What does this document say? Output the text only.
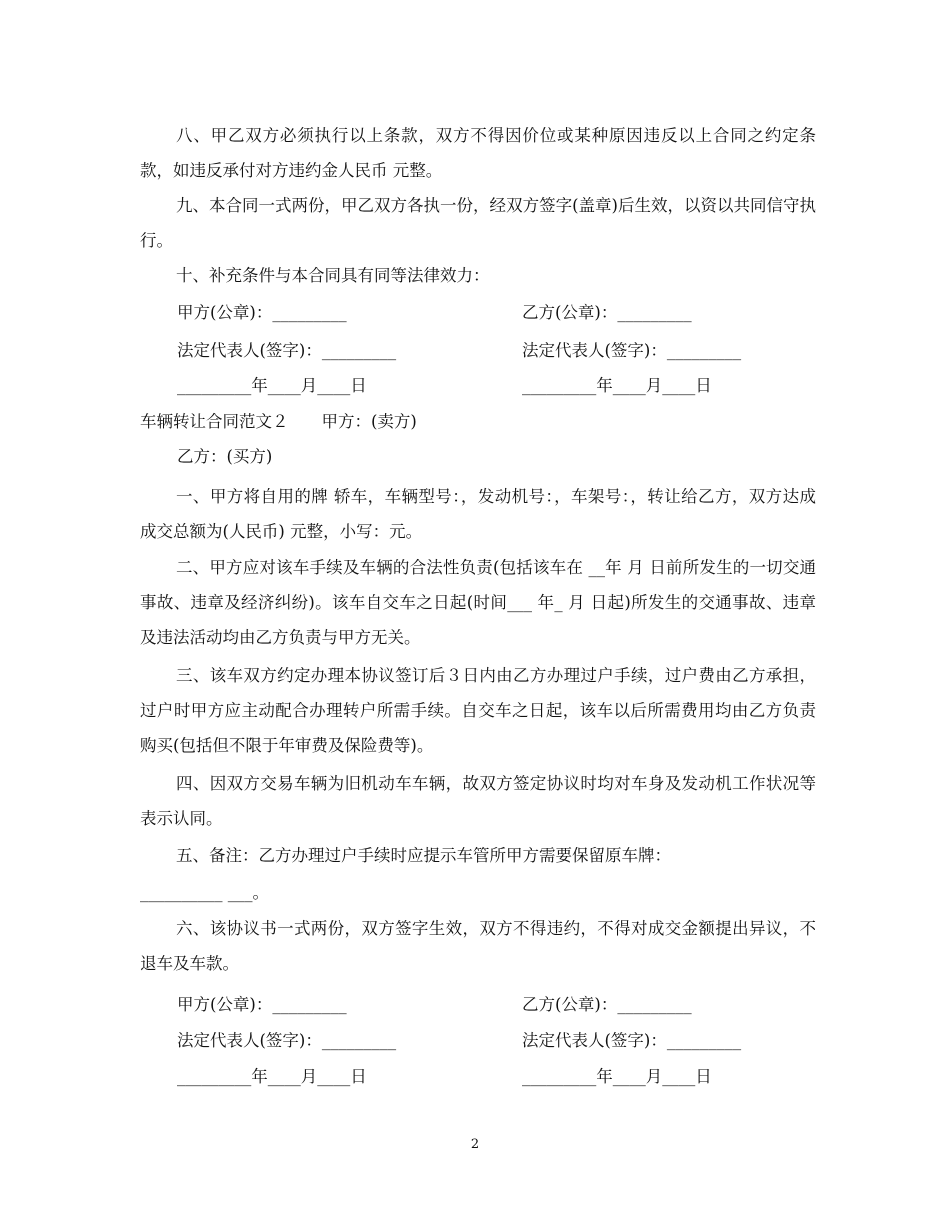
八、甲乙双方必须执行以上条款，双方不得因价位或某种原因违反以上合同之约定条款，如违反承付对方违约金人民币 元整。

九、本合同一式两份，甲乙双方各执一份，经双方签字(盖章)后生效，以资以共同信守执行。

十、补充条件与本合同具有同等法律效力：

甲方(公章)：_________	乙方(公章)：_________
法定代表人(签字)：_________	法定代表人(签字)：_________
_________年____月____日	_________年____月____日
车辆转让合同范文２　　甲方：(卖方)
乙方：(买方)

一、甲方将自用的牌 轿车，车辆型号：，发动机号：，车架号：，转让给乙方，双方达成成交总额为(人民币) 元整，小写：元。

二、甲方应对该车手续及车辆的合法性负责(包括该车在 __年 月 日前所发生的一切交通事故、违章及经济纠纷)。该车自交车之日起(时间___ 年_ 月 日起)所发生的交通事故、违章及违法活动均由乙方负责与甲方无关。

三、该车双方约定办理本协议签订后３日内由乙方办理过户手续，过户费由乙方承担，过户时甲方应主动配合办理转户所需手续。自交车之日起，该车以后所需费用均由乙方负责购买(包括但不限于年审费及保险费等)。

四、因双方交易车辆为旧机动车车辆，故双方签定协议时均对车身及发动机工作状况等表示认同。

五、备注：乙方办理过户手续时应提示车管所甲方需要保留原车牌：

__________ ___。

六、该协议书一式两份，双方签字生效，双方不得违约，不得对成交金额提出异议，不退车及车款。

甲方(公章)：_________	乙方(公章)：_________
法定代表人(签字)：_________	法定代表人(签字)：_________
_________年____月____日	_________年____月____日
2
